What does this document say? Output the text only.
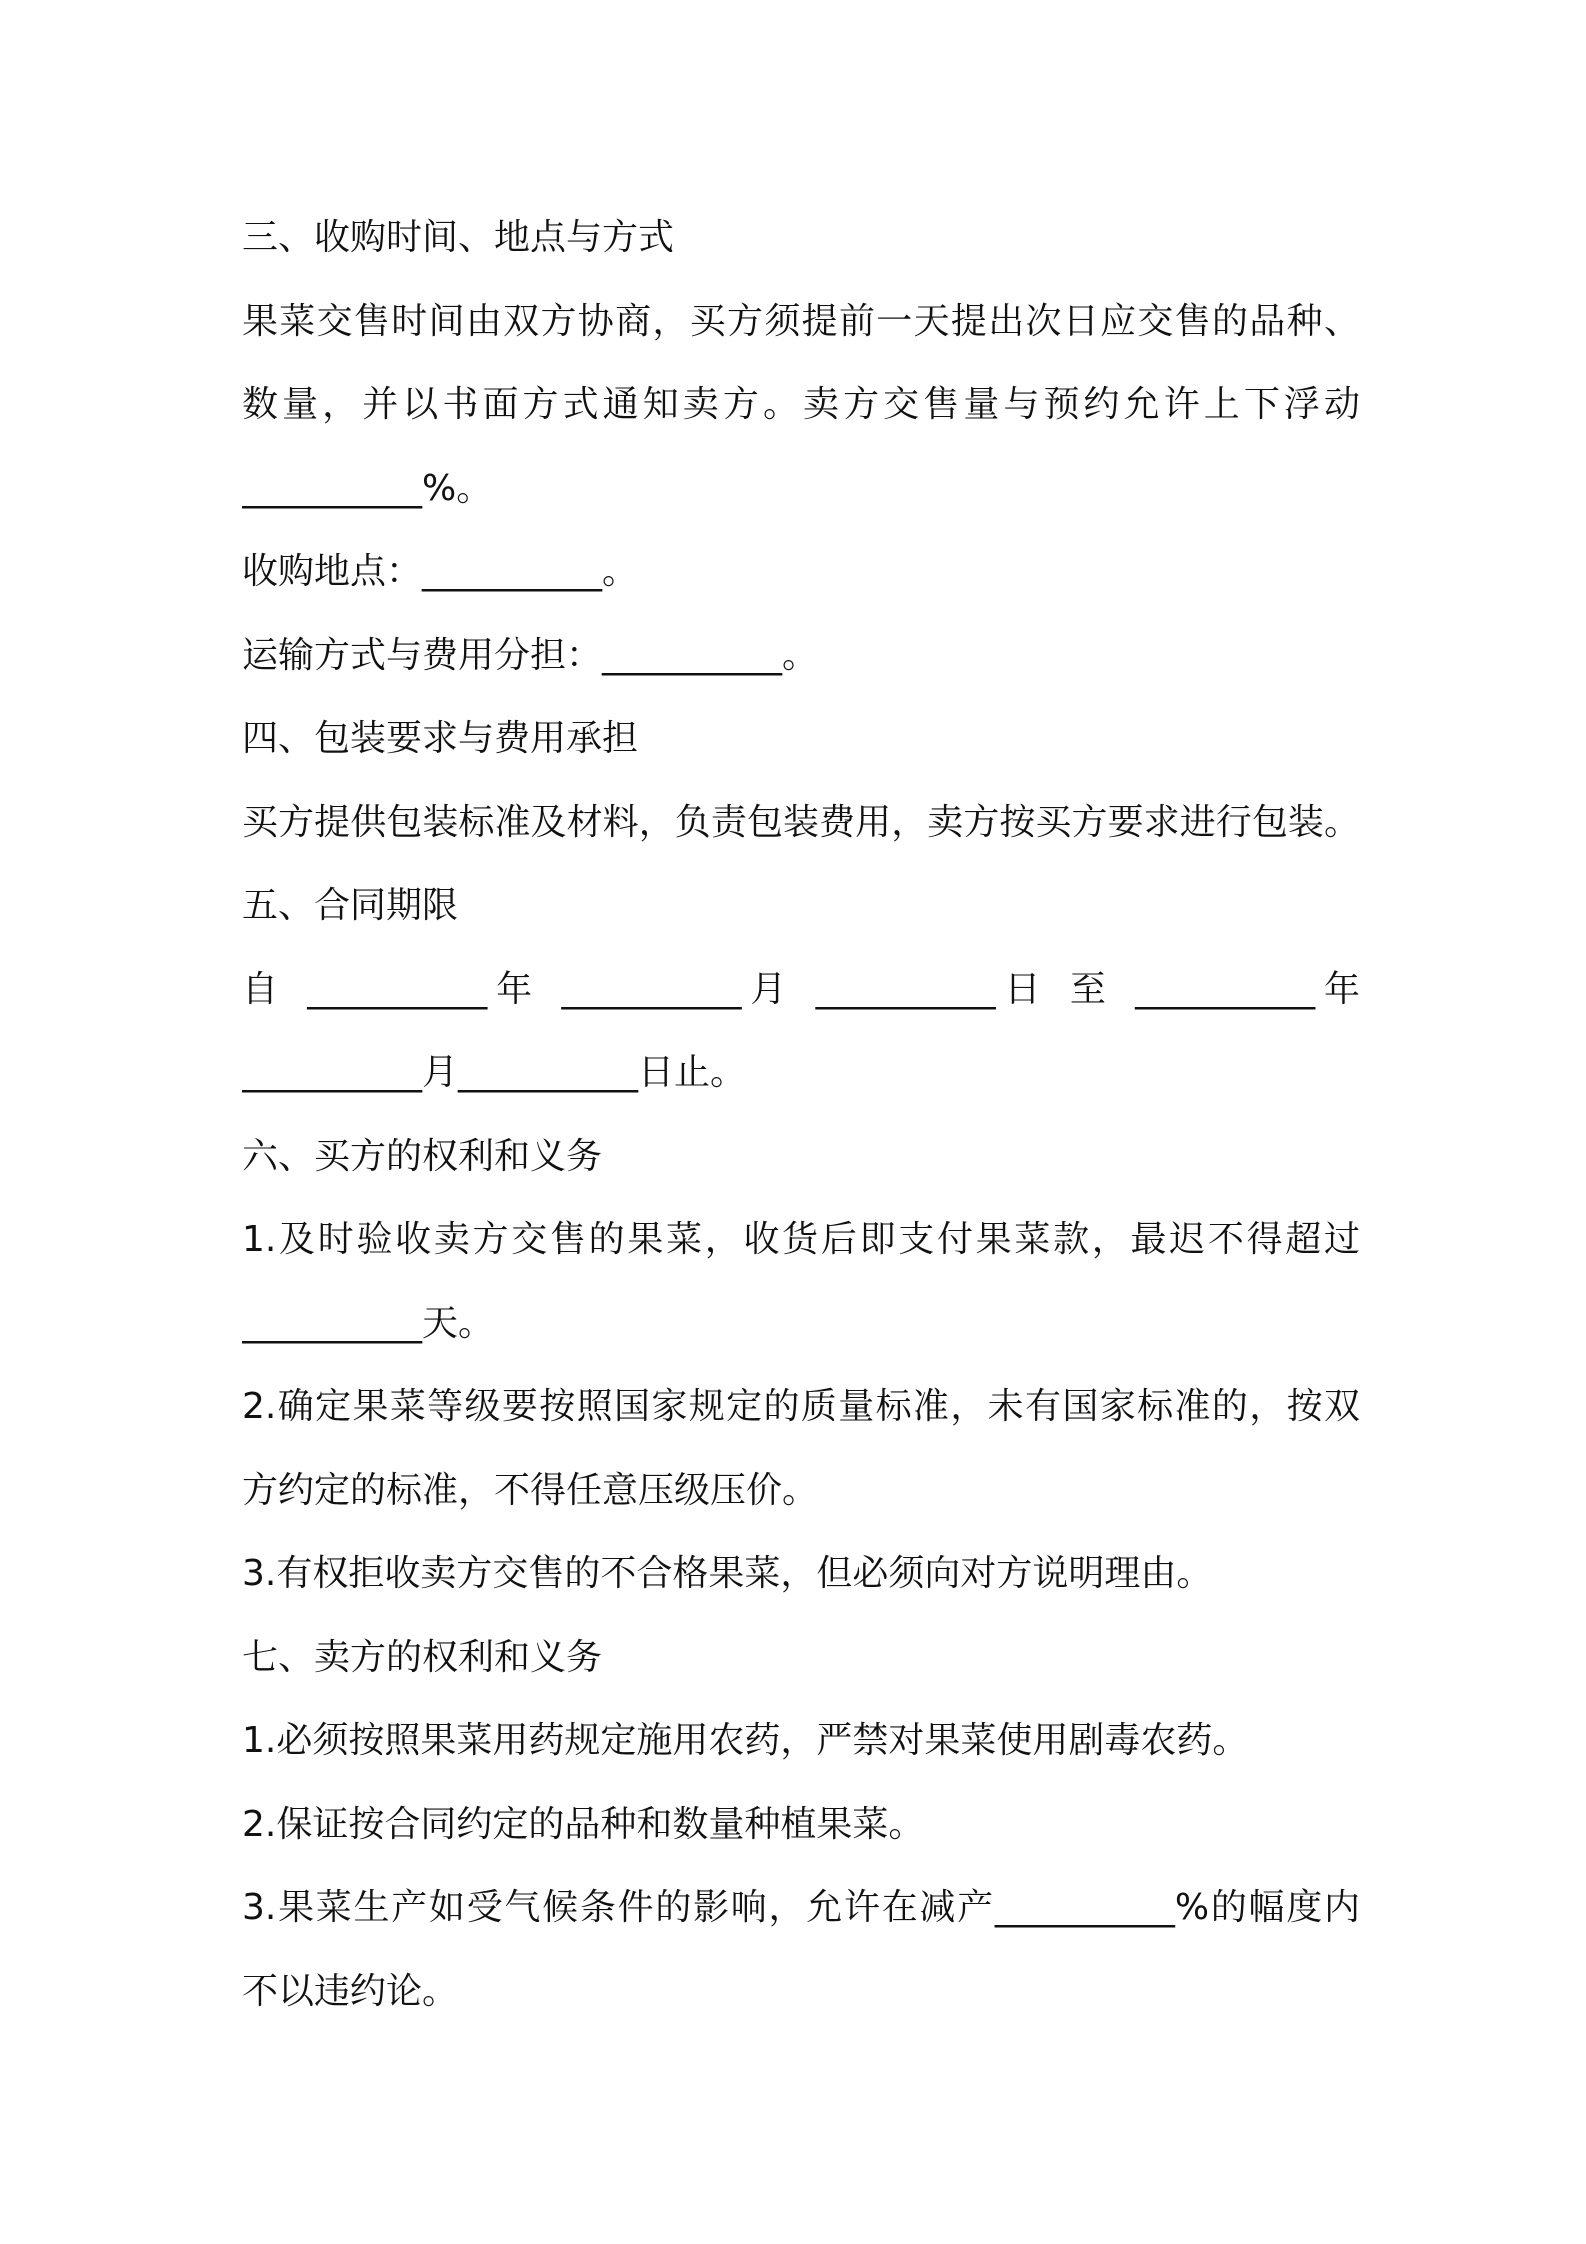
三、收购时间、地点与方式
果菜交售时间由双方协商，买方须提前一天提出次日应交售的品种、
数量，并以书面方式通知卖方。卖方交售量与预约允许上下浮动
__________%。
收购地点：__________。
运输方式与费用分担：__________。
四、包装要求与费用承担
买方提供包装标准及材料，负责包装费用，卖方按买方要求进行包装。
五、合同期限
自 __________年 __________月 __________日 至 __________年
__________月__________日止。
六、买方的权利和义务
1.及时验收卖方交售的果菜，收货后即支付果菜款，最迟不得超过
__________天。
2.确定果菜等级要按照国家规定的质量标准，未有国家标准的，按双
方约定的标准，不得任意压级压价。
3.有权拒收卖方交售的不合格果菜，但必须向对方说明理由。
七、卖方的权利和义务
1.必须按照果菜用药规定施用农药，严禁对果菜使用剧毒农药。
2.保证按合同约定的品种和数量种植果菜。
3.果菜生产如受气候条件的影响，允许在减产__________%的幅度内
不以违约论。
